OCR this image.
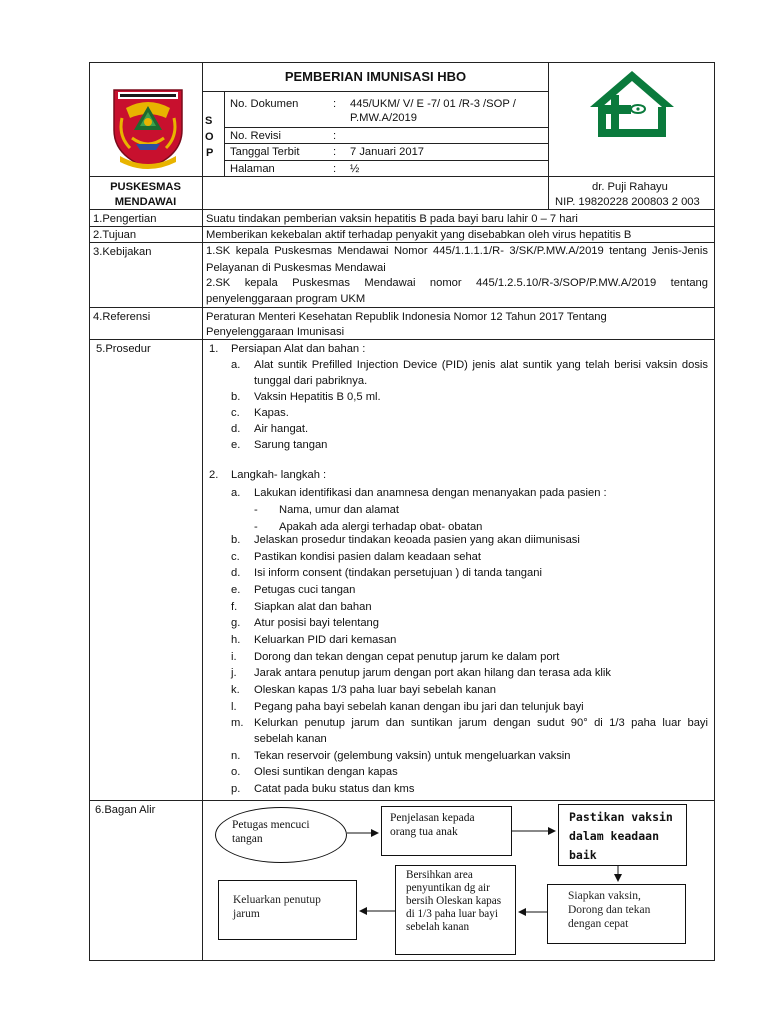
PEMBERIAN IMUNISASI HBO
S
O
P
No. Dokumen	: 445/UKM/ V/ E -7/ 01 /R-3 /SOP /
P.MW.A/2019
No. Revisi	:
Tanggal Terbit	: 7 Januari 2017
Halaman	: ½
PUSKESMAS
MENDAWAI
dr. Puji Rahayu
NIP. 19820228 200803 2 003
1.Pengertian	Suatu tindakan pemberian vaksin hepatitis B pada bayi baru lahir 0 – 7 hari
2.Tujuan	Memberikan kekebalan aktif terhadap penyakit yang disebabkan oleh virus hepatitis B
3.Kebijakan	1.SK kepala Puskesmas Mendawai Nomor 445/1.1.1.1/R- 3/SK/P.MW.A/2019 tentang Jenis-Jenis
Pelayanan di Puskesmas Mendawai
2.SK kepala Puskesmas Mendawai nomor 445/1.2.5.10/R-3/SOP/P.MW.A/2019 tentang
penyelenggaraan program UKM
4.Referensi	Peraturan Menteri Kesehatan Republik Indonesia Nomor 12 Tahun 2017 Tentang
Penyelenggaraan Imunisasi
5.Prosedur	1. Persiapan Alat dan bahan :
a. Alat suntik Prefilled Injection Device (PID) jenis alat suntik yang telah berisi vaksin dosis
tunggal dari pabriknya.
b. Vaksin Hepatitis B 0,5 ml.
c. Kapas.
d. Air hangat.
e. Sarung tangan
2. Langkah- langkah :
a. Lakukan identifikasi dan anamnesa dengan menanyakan pada pasien :
- Nama, umur dan alamat
- Apakah ada alergi terhadap obat- obatan
b. Jelaskan prosedur tindakan keoada pasien yang akan diimunisasi
c. Pastikan kondisi pasien dalam keadaan sehat
d. Isi inform consent (tindakan persetujuan ) di tanda tangani
e. Petugas cuci tangan
f. Siapkan alat dan bahan
g. Atur posisi bayi telentang
h. Keluarkan PID dari kemasan
i. Dorong dan tekan dengan cepat penutup jarum ke dalam port
j. Jarak antara penutup jarum dengan port akan hilang dan terasa ada klik
k. Oleskan kapas 1/3 paha luar bayi sebelah kanan
l. Pegang paha bayi sebelah kanan dengan ibu jari dan telunjuk bayi
m. Kelurkan penutup jarum dan suntikan jarum dengan sudut 90° di 1/3 paha luar bayi
sebelah kanan
n. Tekan reservoir (gelembung vaksin) untuk mengeluarkan vaksin
o. Olesi suntikan dengan kapas
p. Catat pada buku status dan kms
6.Bagan Alir
Petugas mencuci tangan
Penjelasan kepada orang tua anak
Pastikan vaksin dalam keadaan baik
Siapkan vaksin, Dorong dan tekan dengan cepat
Bersihkan area penyuntikan dg air bersih Oleskan kapas di 1/3 paha luar bayi sebelah kanan
Keluarkan penutup jarum
